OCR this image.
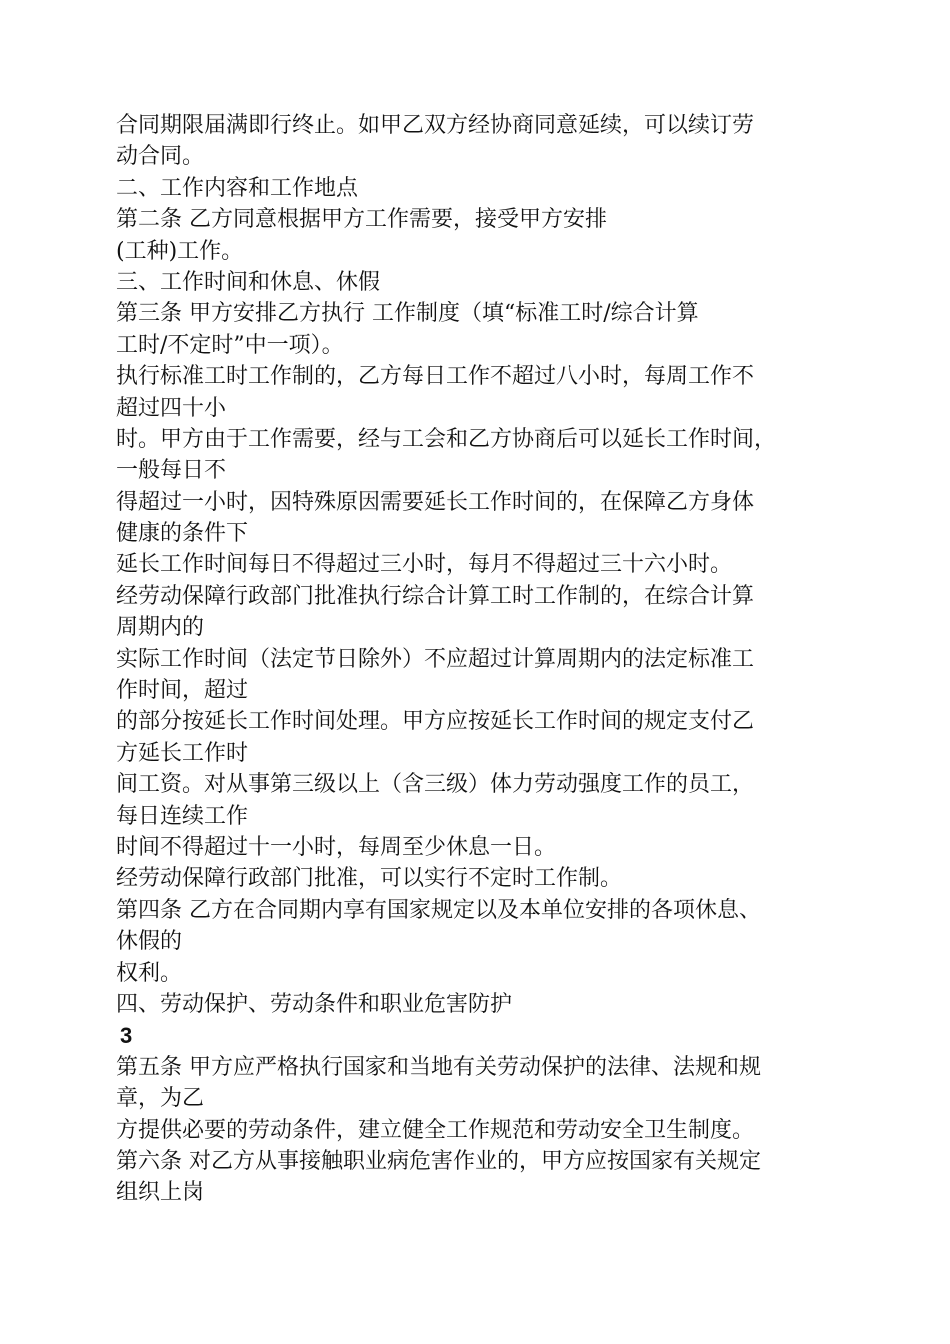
合同期限届满即行终止。如甲乙双方经协商同意延续，可以续订劳
动合同。
二、工作内容和工作地点
第二条 乙方同意根据甲方工作需要，接受甲方安排
(工种)工作。
三、工作时间和休息、休假
第三条 甲方安排乙方执行 工作制度（填“标准工时/综合计算
工时/不定时”中一项）。
执行标准工时工作制的，乙方每日工作不超过八小时，每周工作不
超过四十小
时。甲方由于工作需要，经与工会和乙方协商后可以延长工作时间，
一般每日不
得超过一小时，因特殊原因需要延长工作时间的，在保障乙方身体
健康的条件下
延长工作时间每日不得超过三小时，每月不得超过三十六小时。
经劳动保障行政部门批准执行综合计算工时工作制的，在综合计算
周期内的
实际工作时间（法定节日除外）不应超过计算周期内的法定标准工
作时间，超过
的部分按延长工作时间处理。甲方应按延长工作时间的规定支付乙
方延长工作时
间工资。对从事第三级以上（含三级）体力劳动强度工作的员工，
每日连续工作
时间不得超过十一小时，每周至少休息一日。
经劳动保障行政部门批准，可以实行不定时工作制。
第四条 乙方在合同期内享有国家规定以及本单位安排的各项休息、
休假的
权利。
四、劳动保护、劳动条件和职业危害防护
3
第五条 甲方应严格执行国家和当地有关劳动保护的法律、法规和规
章，为乙
方提供必要的劳动条件，建立健全工作规范和劳动安全卫生制度。
第六条 对乙方从事接触职业病危害作业的，甲方应按国家有关规定
组织上岗
